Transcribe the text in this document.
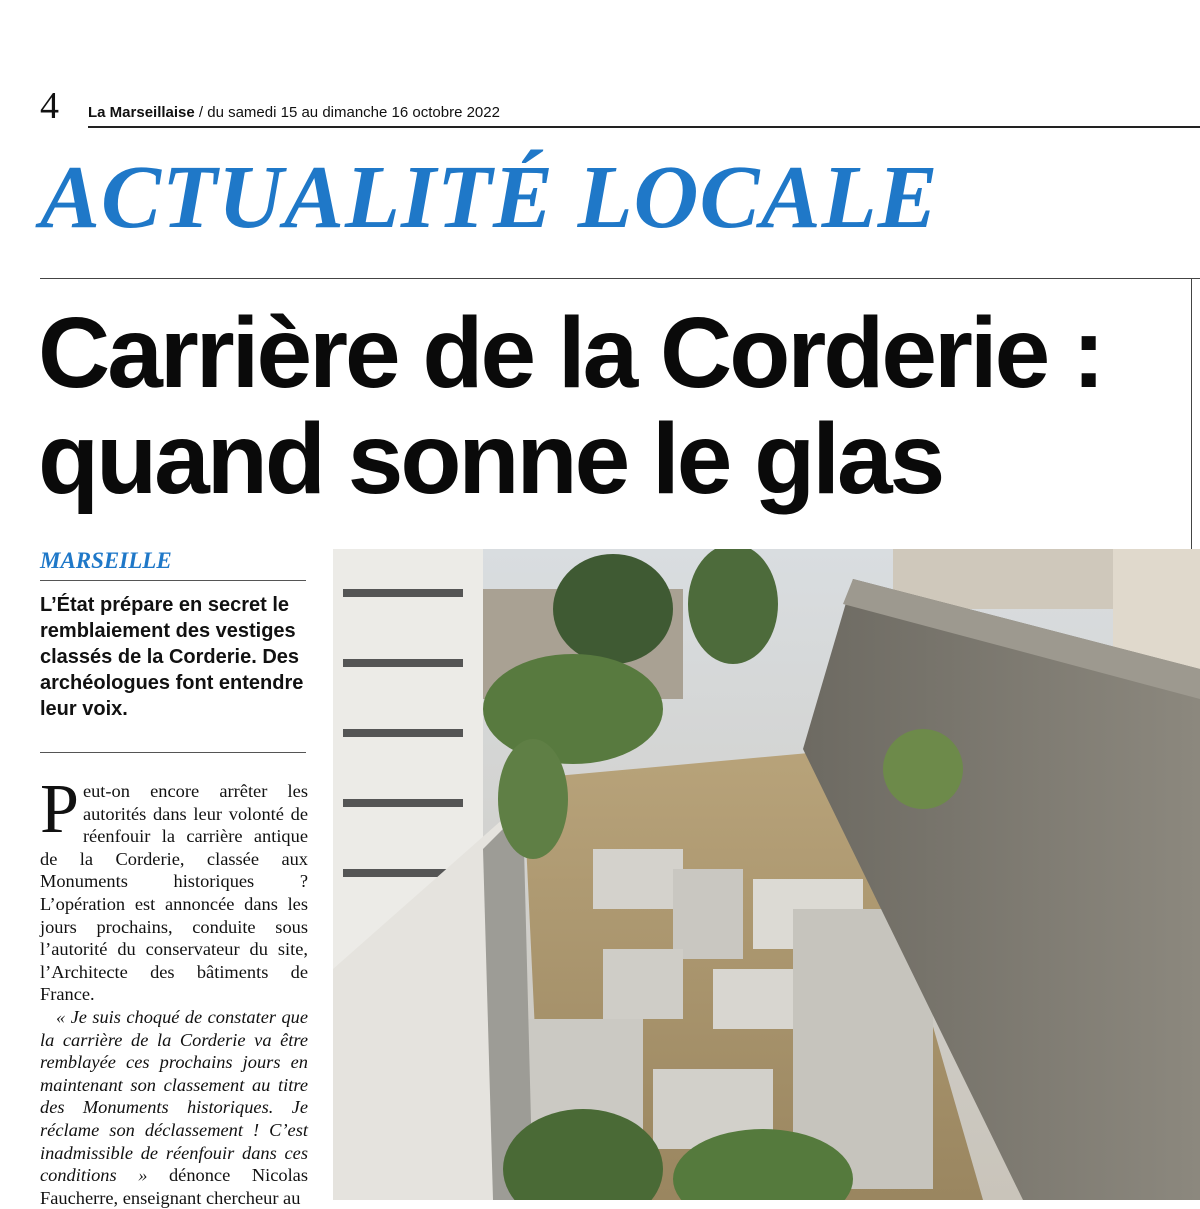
4 La Marseillaise / du samedi 15 au dimanche 16 octobre 2022
ACTUALITÉ LOCALE
Carrière de la Corderie :
quand sonne le glas
MARSEILLE
L’État prépare en secret le remblaiement des vestiges classés de la Corderie. Des archéologues font entendre leur voix.

Peut-on encore arrêter les autorités dans leur volonté de réenfouir la carrière antique de la Corderie, classée aux Monuments historiques ? L’opération est annoncée dans les jours prochains, conduite sous l’autorité du conservateur du site, l’Architecte des bâtiments de France.

« Je suis choqué de constater que la carrière de la Corderie va être remblayée ces prochains jours en maintenant son classement au titre des Monuments historiques. Je réclame son déclassement ! C’est inadmissible de réenfouir dans ces conditions » dénonce Nicolas Faucherre, enseignant chercheur au
